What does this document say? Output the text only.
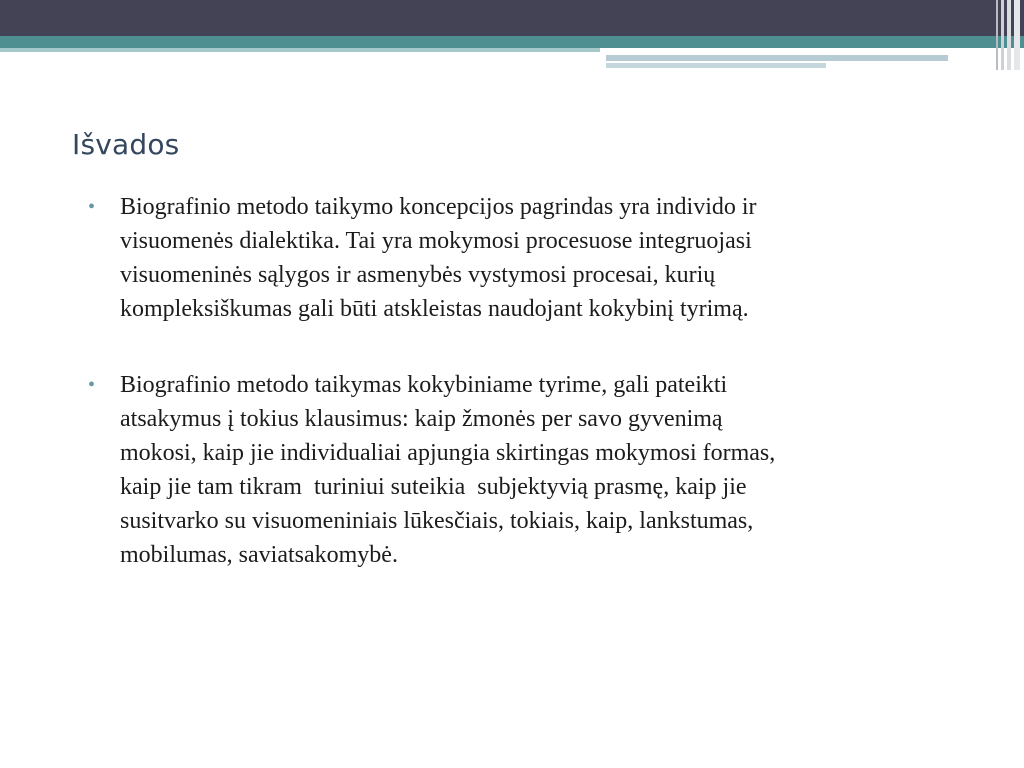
Išvados
•	Biografinio metodo taikymo koncepcijos pagrindas yra individo ir
visuomenės dialektika. Tai yra mokymosi procesuose integruojasi
visuomeninės sąlygos ir asmenybės vystymosi procesai, kurių
kompleksiškumas gali būti atskleistas naudojant kokybinį tyrimą.
•	Biografinio metodo taikymas kokybiniame tyrime, gali pateikti
atsakymus į tokius klausimus: kaip žmonės per savo gyvenimą
mokosi, kaip jie individualiai apjungia skirtingas mokymosi formas,
kaip jie tam tikram  turiniui suteikia  subjektyvią prasmę, kaip jie
susitvarko su visuomeniniais lūkesčiais, tokiais, kaip, lankstumas,
mobilumas, saviatsakomybė.
